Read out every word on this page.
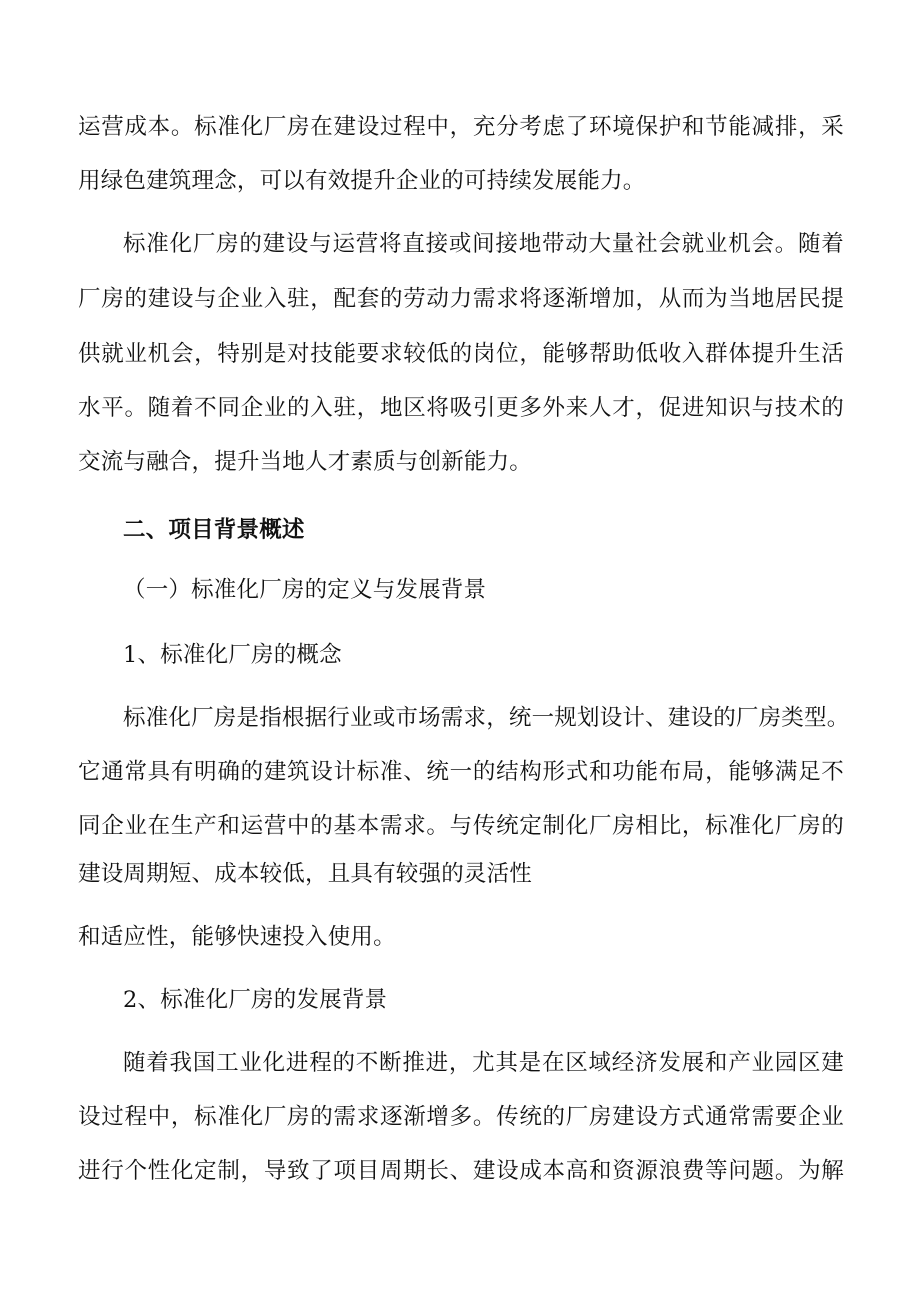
运营成本。标准化厂房在建设过程中，充分考虑了环境保护和节能减排，采
用绿色建筑理念，可以有效提升企业的可持续发展能力。
标准化厂房的建设与运营将直接或间接地带动大量社会就业机会。随着
厂房的建设与企业入驻，配套的劳动力需求将逐渐增加，从而为当地居民提
供就业机会，特别是对技能要求较低的岗位，能够帮助低收入群体提升生活
水平。随着不同企业的入驻，地区将吸引更多外来人才，促进知识与技术的
交流与融合，提升当地人才素质与创新能力。
二、项目背景概述
（一）标准化厂房的定义与发展背景
1、标准化厂房的概念
标准化厂房是指根据行业或市场需求，统一规划设计、建设的厂房类型。
它通常具有明确的建筑设计标准、统一的结构形式和功能布局，能够满足不
同企业在生产和运营中的基本需求。与传统定制化厂房相比，标准化厂房的
建设周期短、成本较低，且具有较强的灵活性
和适应性，能够快速投入使用。
2、标准化厂房的发展背景
随着我国工业化进程的不断推进，尤其是在区域经济发展和产业园区建
设过程中，标准化厂房的需求逐渐增多。传统的厂房建设方式通常需要企业
进行个性化定制，导致了项目周期长、建设成本高和资源浪费等问题。为解
